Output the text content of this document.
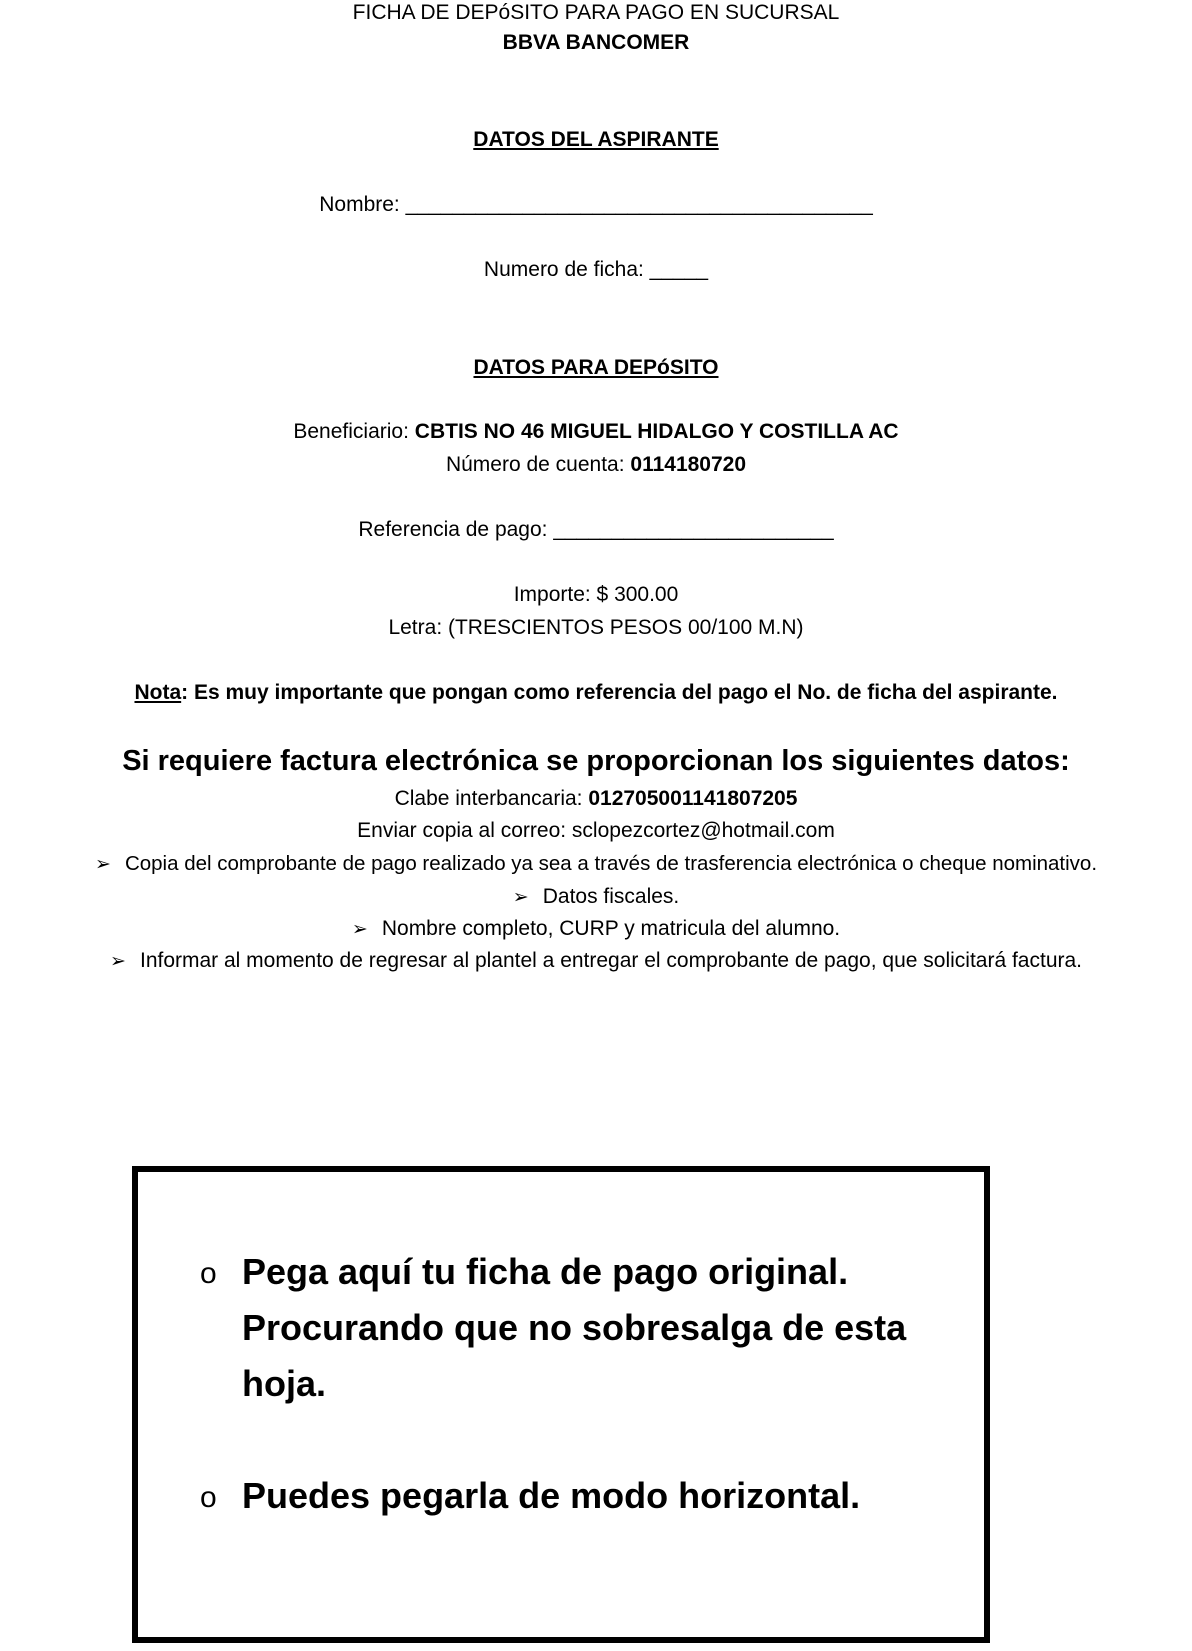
FICHA DE DEPóSITO PARA PAGO EN SUCURSAL
BBVA BANCOMER
DATOS DEL ASPIRANTE
Nombre: ________________________________________
Numero de ficha: _____
DATOS PARA DEPóSITO
Beneficiario: CBTIS NO 46 MIGUEL HIDALGO Y COSTILLA AC
Número de cuenta: 0114180720
Referencia de pago: ________________________
Importe: $ 300.00
Letra: (TRESCIENTOS PESOS 00/100 M.N)
Nota: Es muy importante que pongan como referencia del pago el No. de ficha del aspirante.
Si requiere factura electrónica se proporcionan los siguientes datos:
Clabe interbancaria: 012705001141807205
Enviar copia al correo: sclopezcortez@hotmail.com
➢ Copia del comprobante de pago realizado ya sea a través de trasferencia electrónica o cheque nominativo.
➢ Datos fiscales.
➢ Nombre completo, CURP y matricula del alumno.
➢ Informar al momento de regresar al plantel a entregar el comprobante de pago, que solicitará factura.
o Pega aquí tu ficha de pago original. Procurando que no sobresalga de esta hoja.
o Puedes pegarla de modo horizontal.
